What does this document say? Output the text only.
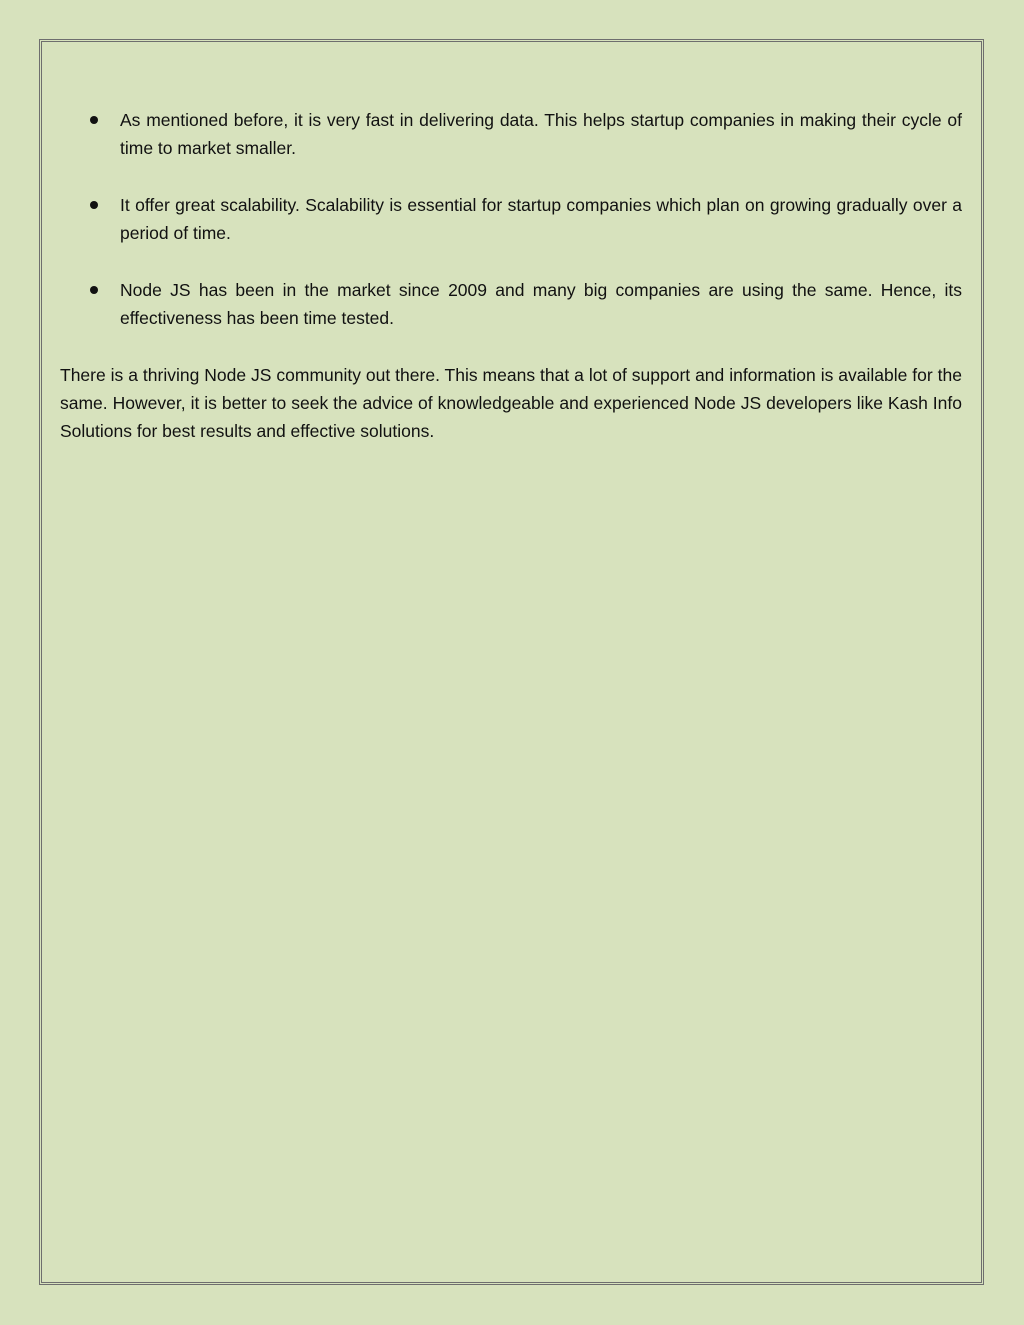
As mentioned before, it is very fast in delivering data. This helps startup companies in making their cycle of time to market smaller.
It offer great scalability. Scalability is essential for startup companies which plan on growing gradually over a period of time.
Node JS has been in the market since 2009 and many big companies are using the same. Hence, its effectiveness has been time tested.

There is a thriving Node JS community out there. This means that a lot of support and information is available for the same. However, it is better to seek the advice of knowledgeable and experienced Node JS developers like Kash Info Solutions for best results and effective solutions.
